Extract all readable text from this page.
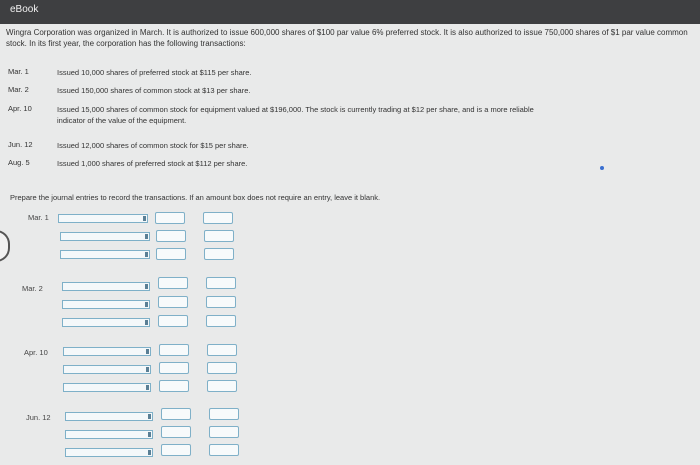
eBook
Wingra Corporation was organized in March. It is authorized to issue 600,000 shares of $100 par value 6% preferred stock. It is also authorized to issue 750,000 shares of $1 par value common stock. In its first year, the corporation has the following transactions:
Mar. 1	Issued 10,000 shares of preferred stock at $115 per share.
Mar. 2	Issued 150,000 shares of common stock at $13 per share.
Apr. 10	Issued 15,000 shares of common stock for equipment valued at $196,000. The stock is currently trading at $12 per share, and is a more reliable indicator of the value of the equipment.
Jun. 12	Issued 12,000 shares of common stock for $15 per share.
Aug. 5	Issued 1,000 shares of preferred stock at $112 per share.
Prepare the journal entries to record the transactions. If an amount box does not require an entry, leave it blank.
Mar. 1
Mar. 2
Apr. 10
Jun. 12
